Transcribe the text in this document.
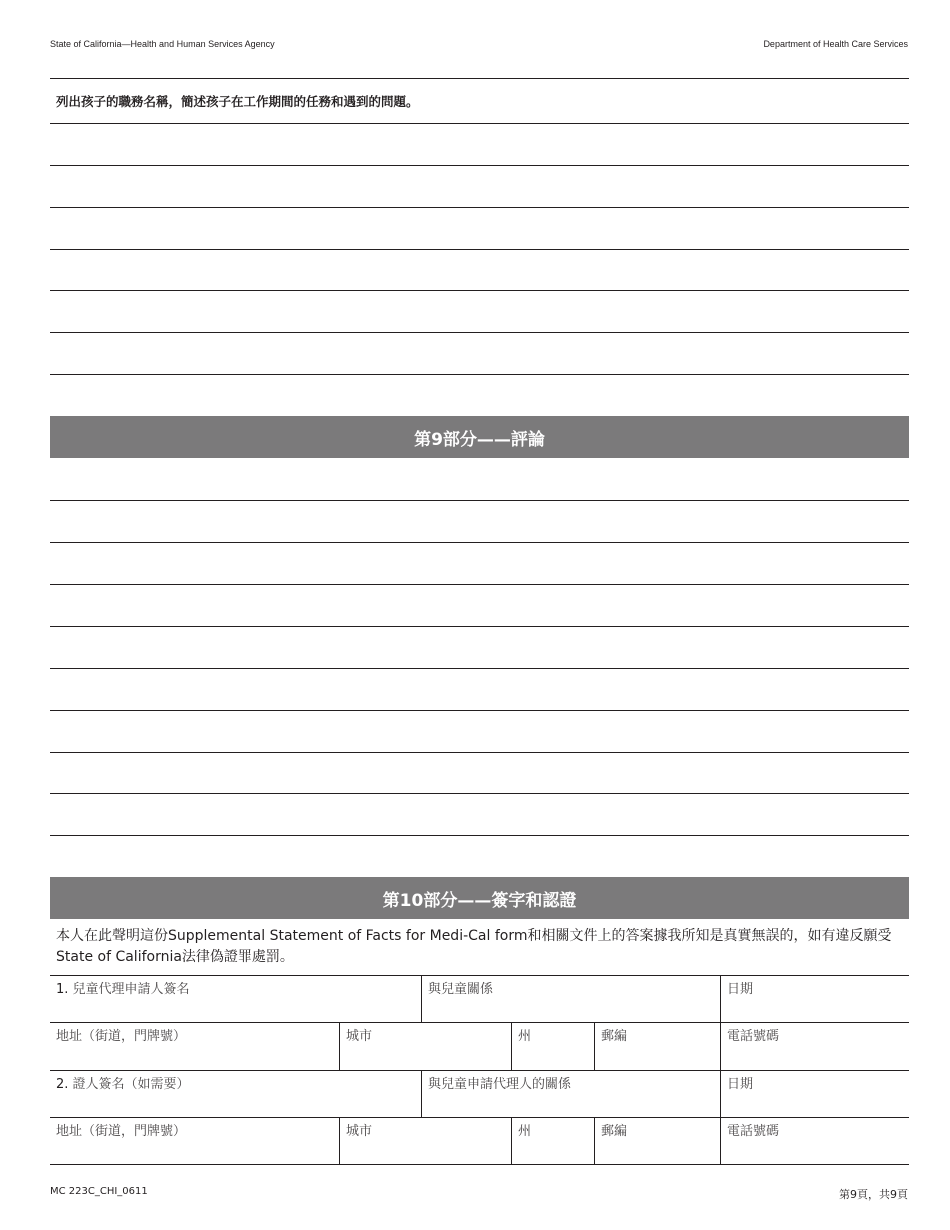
State of California—Health and Human Services Agency	Department of Health Care Services
列出孩子的職務名稱，簡述孩子在工作期間的任務和遇到的問題。
第9部分——評論
第10部分——簽字和認證
本人在此聲明這份Supplemental Statement of Facts for Medi-Cal form和相關文件上的答案據我所知是真實無誤的，如有違反願受State of California法律偽證罪處罰。
1. 兒童代理申請人簽名	與兒童關係	日期
地址（街道，門牌號）	城市	州	郵編	電話號碼
2. 證人簽名（如需要）	與兒童申請代理人的關係	日期
地址（街道，門牌號）	城市	州	郵編	電話號碼
MC 223C_CHI_0611	第9頁，共9頁
